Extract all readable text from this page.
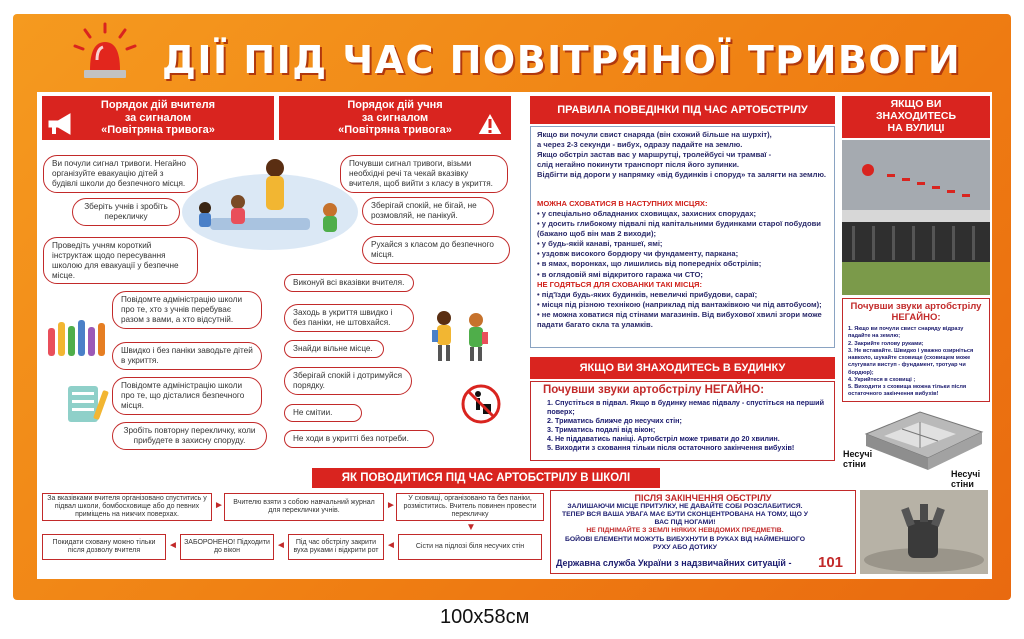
ДІЇ ПІД ЧАС ПОВІТРЯНОЇ ТРИВОГИ
Порядок дій вчителя
за сигналом
«Повітряна тривога»
Ви почули сигнал тривоги. Негайно організуйте евакуацію дітей з будівлі школи до безпечного місця.
Зберіть учнів і зробіть перекличку
Проведіть учням короткий інструктаж щодо пересування школою для евакуації у безпечне місце.
Повідомте адміністрацію школи про те, хто з учнів перебуває разом з вами, а хто відсутній.
Швидко і без паніки заводьте дітей в укриття.
Повідомте адміністрацію школи про те, що дісталися безпечного місця.
Зробіть повторну перекличку, коли прибудете в захисну споруду.
Порядок дій учня
за сигналом
«Повітряна тривога»
Почувши сигнал тривоги, візьми необхідні речі та чекай вказівку вчителя, щоб вийти з класу в укриття.
Зберігай спокій, не бігай, не розмовляй, не панікуй.
Рухайся з класом до безпечного місця.
Виконуй всі вказівки вчителя.
Заходь в укриття швидко і без паніки, не штовхайся.
Знайди вільне місце.
Зберігай спокій і дотримуйся порядку.
Не смітии.
Не ходи в укритті без потреби.
ПРАВИЛА ПОВЕДІНКИ ПІД ЧАС АРТОБСТРІЛУ
Якщо ви почули свист снаряда (він схожий більше на шурхіт),
а через 2-3 секунди - вибух, одразу падайте на землю.
Якщо обстріл застав вас у маршрутці, тролейбусі чи трамваї -
слід негайно покинути транспорт після його зупинки.
Відбігти від дороги у напрямку «від будинків і споруд» та залягти на землю.
МОЖНА СХОВАТИСЯ В НАСТУПНИХ МІСЦЯХ:
• у спеціально обладнаних сховищах, захисних спорудах;
• у досить глибокому підвалі під капітальними будинками старої побудови (бажано щоб він мав 2 виходи);
• у будь-якій канаві, траншеї, ямі;
• уздовж високого бордюру чи фундаменту, паркана;
• в ямах, воронках, що лишились від попередніх обстрілів;
• в оглядовій ямі відкритого гаража чи СТО;
НЕ ГОДЯТЬСЯ ДЛЯ СХОВАНКИ ТАКІ МІСЦЯ:
• під'їзди будь-яких будинків, невеличкі прибудови, сараї;
• місця під різною технікою (наприклад під вантажівкою чи під автобусом);
• не можна ховатися під стінами магазинів. Від вибухової хвилі згори може падати багато скла та уламків.
ЯКЩО ВИ ЗНАХОДИТЕСЬ В БУДИНКУ
Почувши звуки артобстрілу НЕГАЙНО:
1. Спустіться в підвал. Якщо в будинку немає підвалу - спустіться на перший поверх;
2. Триматись ближче до несучих стін;
3. Триматись подалі від вікон;
4. Не піддаватись паніці. Артобстріл може тривати до 20 хвилин.
5. Виходити з сховання тільки після остаточного закінчення вибухів!
ЯКЩО ВИ
ЗНАХОДИТЕСЬ
НА ВУЛИЦІ
Почувши звуки артобстрілу
НЕГАЙНО:
1. Якщо ви почули свист снаряду відразу падайте на землю;
2. Закрийте голову руками;
3. Не вставайте. Швидко і уважно озирніться навколо, шукайте сховище (сховищем може слугувати виступ - фундамент, тротуар чи бордюр);
4. Укрийтеся в сховищі ;
5. Виходити з сховища можна тільки після остаточного закінчення вибухів!
Несучі стіни
Несучі стіни
ЯК ПОВОДИТИСЯ ПІД ЧАС АРТОБСТРІЛУ В ШКОЛІ
За вказівками вчителя організовано спуститись у підвал школи, бомбосховище або до певних приміщень на нижчих поверхах.
►	Вчителю взяти з собою навчальний журнал для переклички учнів.	►
У сховищі, організовано та без паніки, розміститись. Вчитель повинен провести перекличку
▼
Сісти на підлозі біля несучих стін
◄
Під час обстрілу закрити вуха руками і відкрити рот
◄
ЗАБОРОНЕНО! Підходити до вікон
◄
Покидати сховану можно тільки після дозволу вчителя
ПІСЛЯ ЗАКІНЧЕННЯ ОБСТРІЛУ
ЗАЛИШАЮЧИ МІСЦЕ ПРИТУЛКУ, НЕ ДАВАЙТЕ СОБІ РОЗСЛАБИТИСЯ.
ТЕПЕР ВСЯ ВАША УВАГА МАЄ БУТИ СКОНЦЕНТРОВАНА НА ТОМУ, ЩО У ВАС ПІД НОГАМИ!
НЕ ПІДНІМАЙТЕ З ЗЕМЛІ НІЯКИХ НЕВІДОМИХ ПРЕДМЕТІВ.
БОЙОВІ ЕЛЕМЕНТИ МОЖУТЬ ВИБУХНУТИ В РУКАХ ВІД НАЙМЕНШОГО РУХУ АБО ДОТИКУ
Державна служба України з надзвичайних ситуацій - 101
100x58см
